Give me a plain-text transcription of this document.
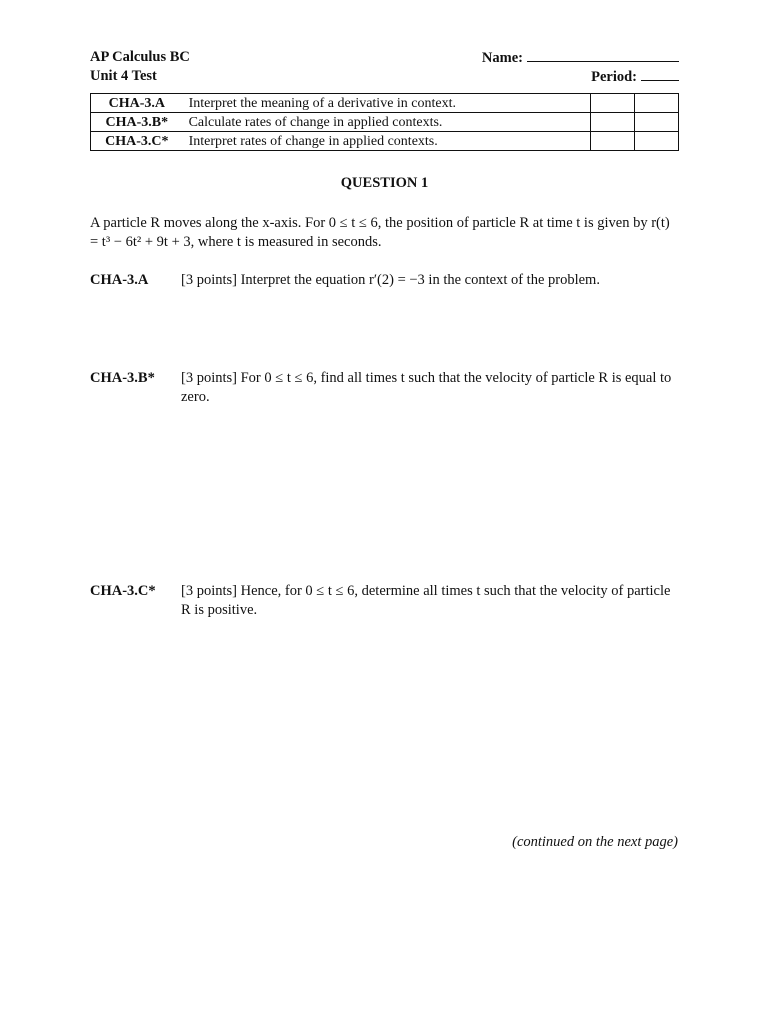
AP Calculus BC	Name:
Unit 4 Test	Period:
CHA-3.A	Interpret the meaning of a derivative in context.		
CHA-3.B*	Calculate rates of change in applied contexts.		
CHA-3.C*	Interpret rates of change in applied contexts.		
QUESTION 1
A particle R moves along the x-axis. For 0 ≤ t ≤ 6, the position of particle R at time t is given by r(t) = t³ − 6t² + 9t + 3, where t is measured in seconds.
CHA-3.A [3 points] Interpret the equation r′(2) = −3 in the context of the problem.
CHA-3.B* [3 points] For 0 ≤ t ≤ 6, find all times t such that the velocity of particle R is equal to zero.
CHA-3.C* [3 points] Hence, for 0 ≤ t ≤ 6, determine all times t such that the velocity of particle R is positive.
(continued on the next page)
